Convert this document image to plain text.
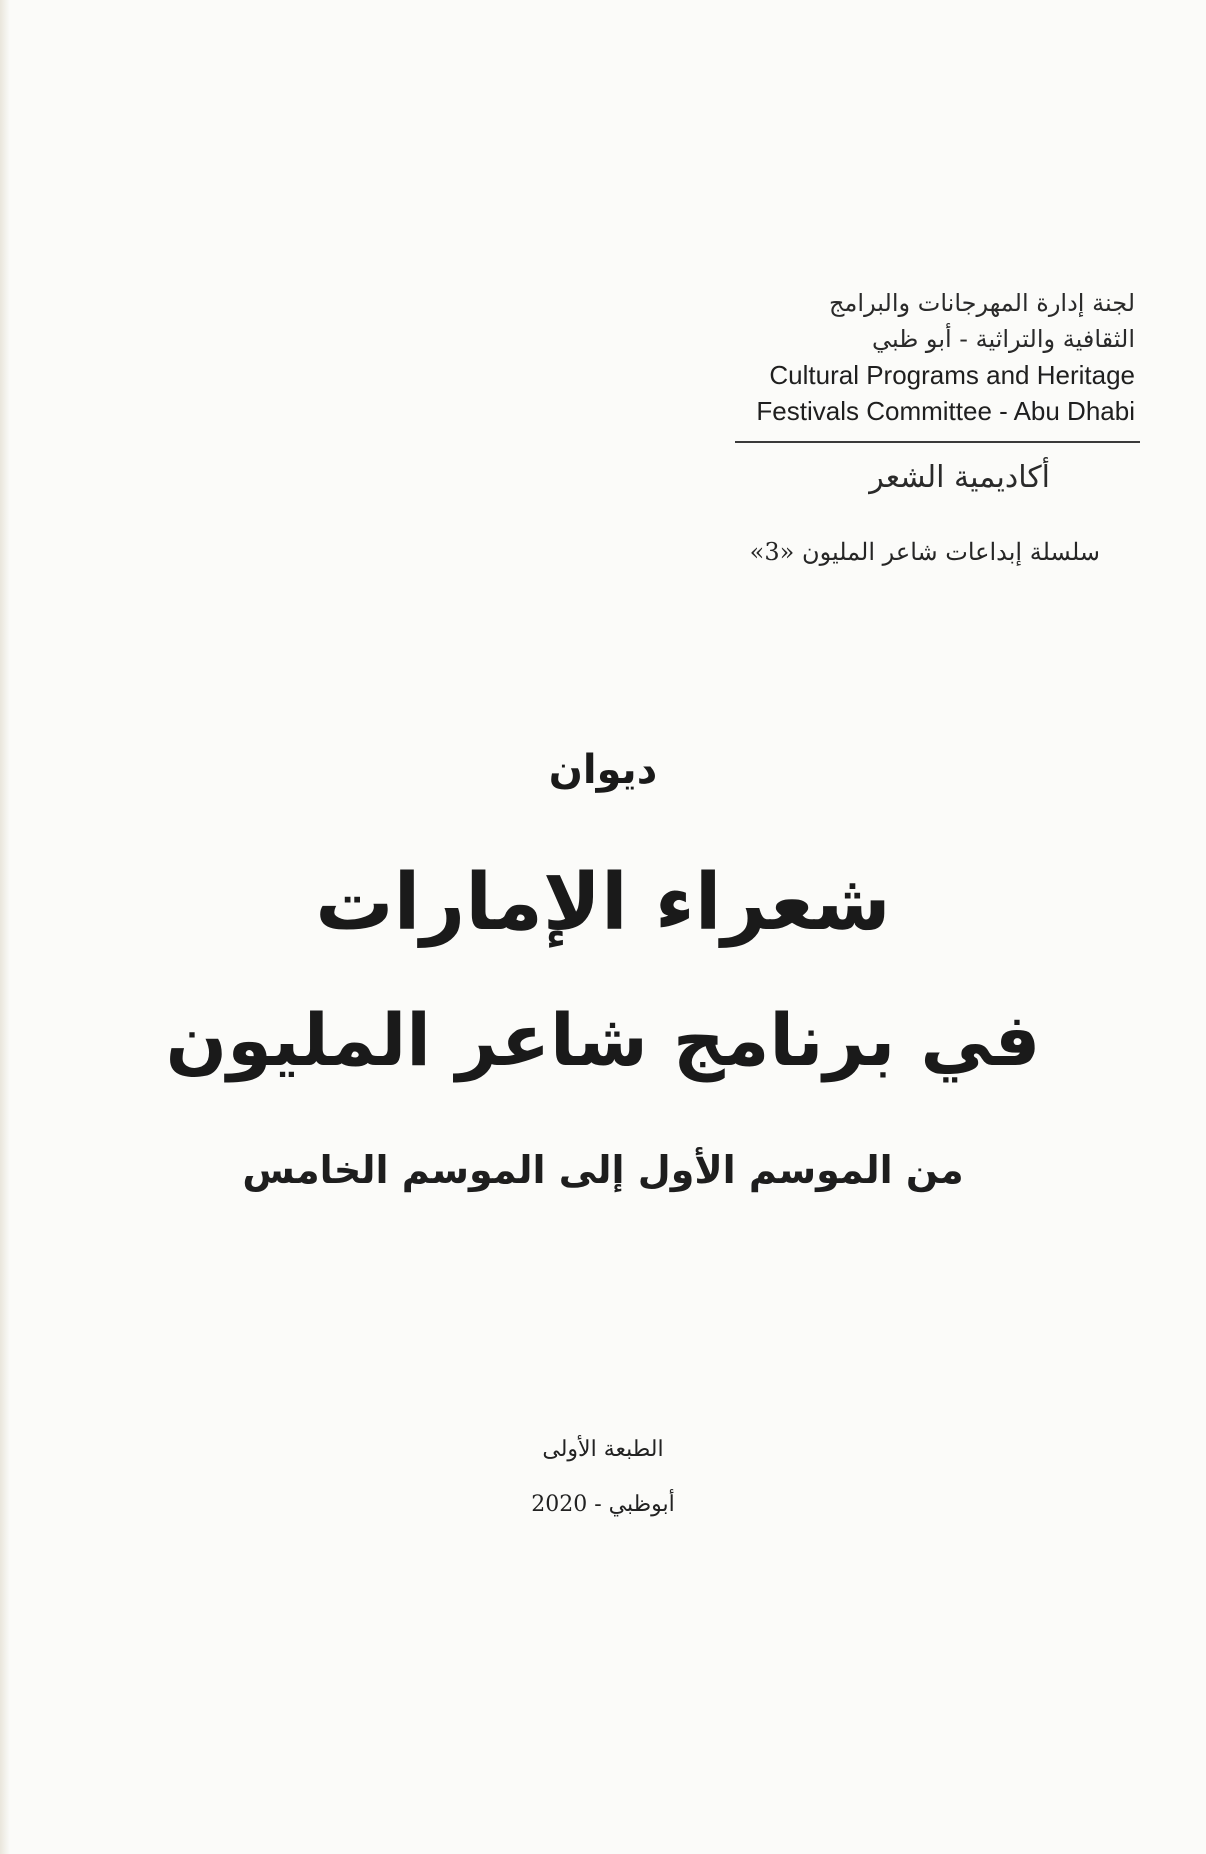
لجنة إدارة المهرجانات والبرامج
الثقافية والتراثية - أبو ظبي
Cultural Programs and Heritage
Festivals Committee - Abu Dhabi
أكاديمية الشعر
سلسلة إبداعات شاعر المليون «3»
ديوان
شعراء الإمارات
في برنامج شاعر المليون
من الموسم الأول إلى الموسم الخامس
الطبعة الأولى
أبوظبي - 2020
